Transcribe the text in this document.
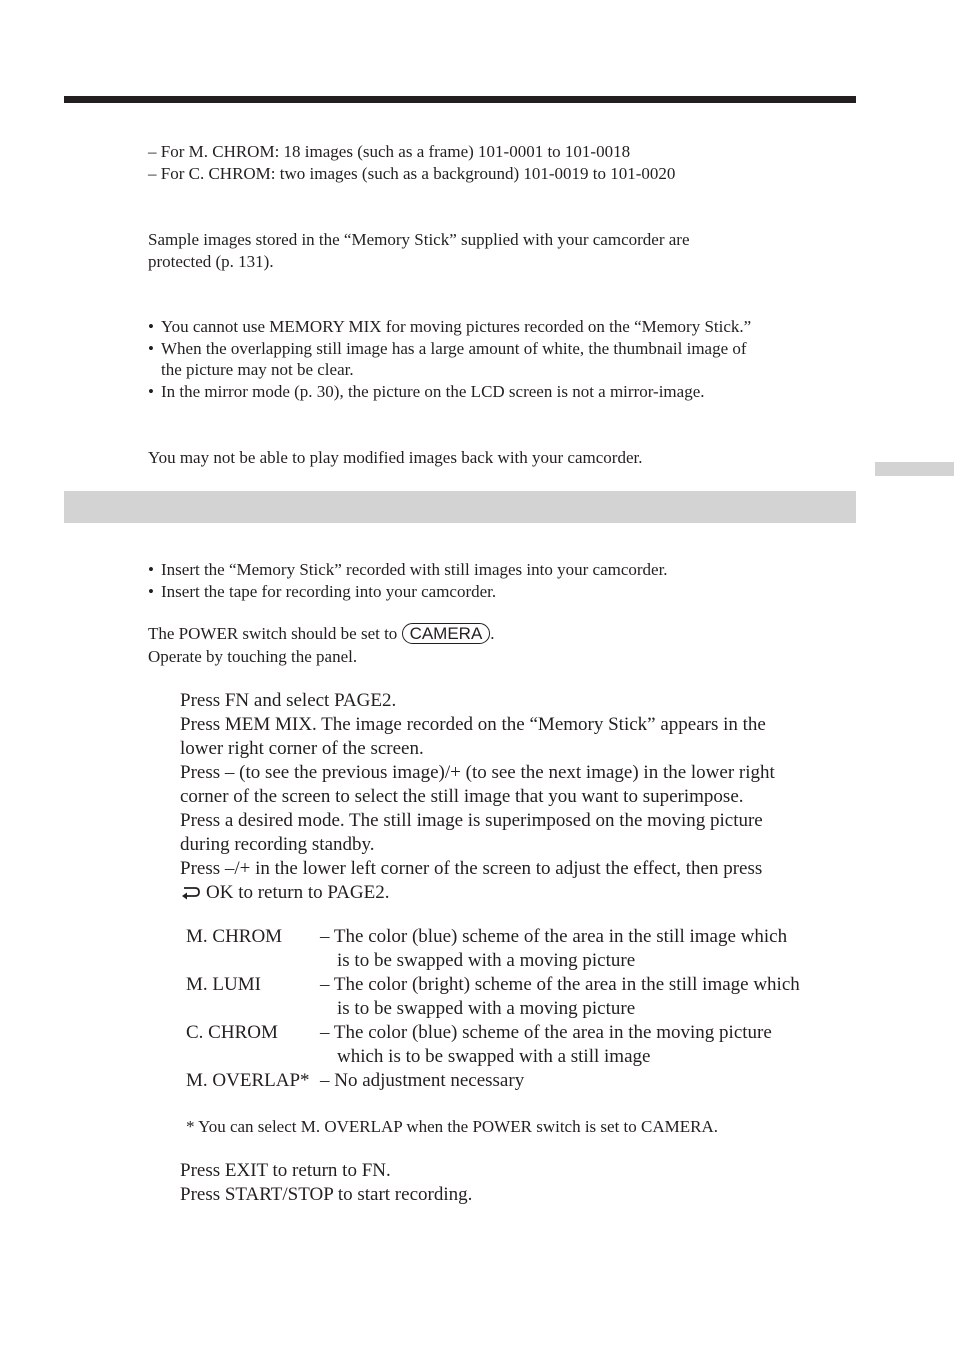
– For M. CHROM: 18 images (such as a frame) 101-0001 to 101-0018
– For C. CHROM: two images (such as a background) 101-0019 to 101-0020
Sample images stored in the “Memory Stick” supplied with your camcorder are
protected (p. 131).
• You cannot use MEMORY MIX for moving pictures recorded on the “Memory Stick.”
• When the overlapping still image has a large amount of white, the thumbnail image of
the picture may not be clear.
• In the mirror mode (p. 30), the picture on the LCD screen is not a mirror-image.
You may not be able to play modified images back with your camcorder.
• Insert the “Memory Stick” recorded with still images into your camcorder.
• Insert the tape for recording into your camcorder.
The POWER switch should be set to CAMERA .
Operate by touching the panel.
Press FN and select PAGE2.
Press MEM MIX. The image recorded on the “Memory Stick” appears in the
lower right corner of the screen.
Press – (to see the previous image)/+ (to see the next image) in the lower right
corner of the screen to select the still image that you want to superimpose.
Press a desired mode. The still image is superimposed on the moving picture
during recording standby.
Press –/+ in the lower left corner of the screen to adjust the effect, then press
OK to return to PAGE2.
M. CHROM	– The color (blue) scheme of the area in the still image which
is to be swapped with a moving picture
M. LUMI	– The color (bright) scheme of the area in the still image which
is to be swapped with a moving picture
C. CHROM	– The color (blue) scheme of the area in the moving picture
which is to be swapped with a still image
M. OVERLAP*	– No adjustment necessary
* You can select M. OVERLAP when the POWER switch is set to CAMERA.
Press EXIT to return to FN.
Press START/STOP to start recording.
